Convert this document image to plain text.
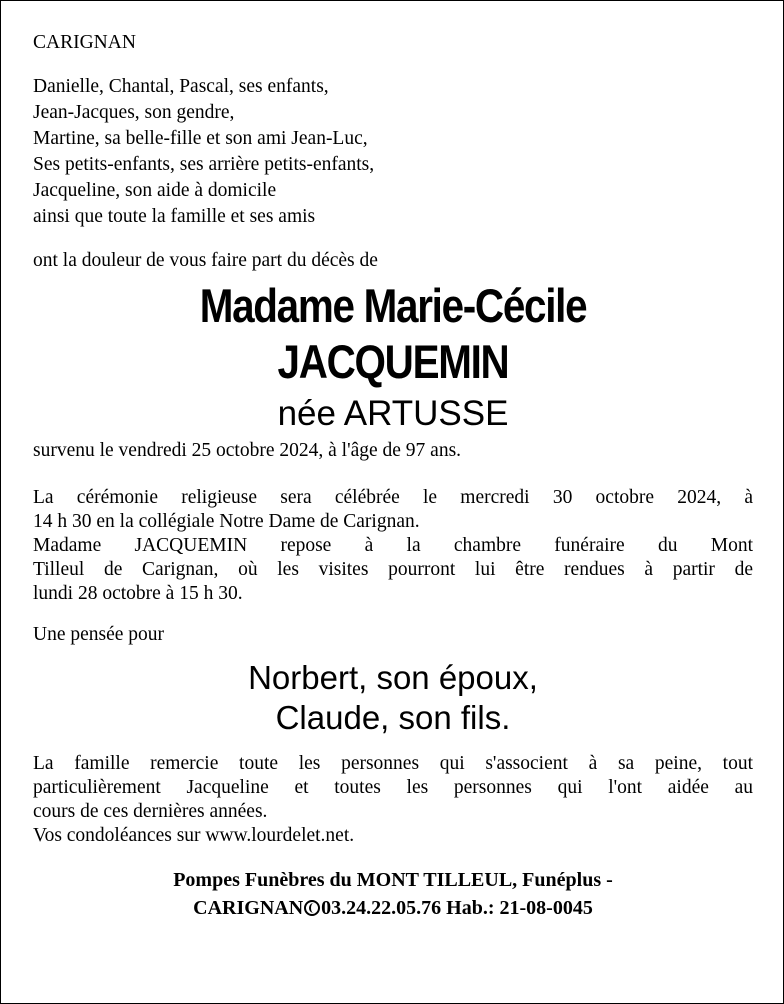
CARIGNAN
Danielle, Chantal, Pascal, ses enfants,
Jean-Jacques, son gendre,
Martine, sa belle-fille et son ami Jean-Luc,
Ses petits-enfants, ses arrière petits-enfants,
Jacqueline, son aide à domicile
ainsi que toute la famille et ses amis
ont la douleur de vous faire part du décès de
Madame Marie-Cécile
JACQUEMIN
née ARTUSSE
survenu le vendredi 25 octobre 2024, à l'âge de 97 ans.
La cérémonie religieuse sera célébrée le mercredi 30 octobre 2024, à
14 h 30 en la collégiale Notre Dame de Carignan.
Madame JACQUEMIN repose à la chambre funéraire du Mont
Tilleul de Carignan, où les visites pourront lui être rendues à partir de
lundi 28 octobre à 15 h 30.
Une pensée pour
Norbert, son époux,
Claude, son fils.
La famille remercie toute les personnes qui s'associent à sa peine, tout
particulièrement Jacqueline et toutes les personnes qui l'ont aidée au
cours de ces dernières années.
Vos condoléances sur www.lourdelet.net.
Pompes Funèbres du MONT TILLEUL, Funéplus -
CARIGNAN 03.24.22.05.76 Hab.: 21-08-0045
